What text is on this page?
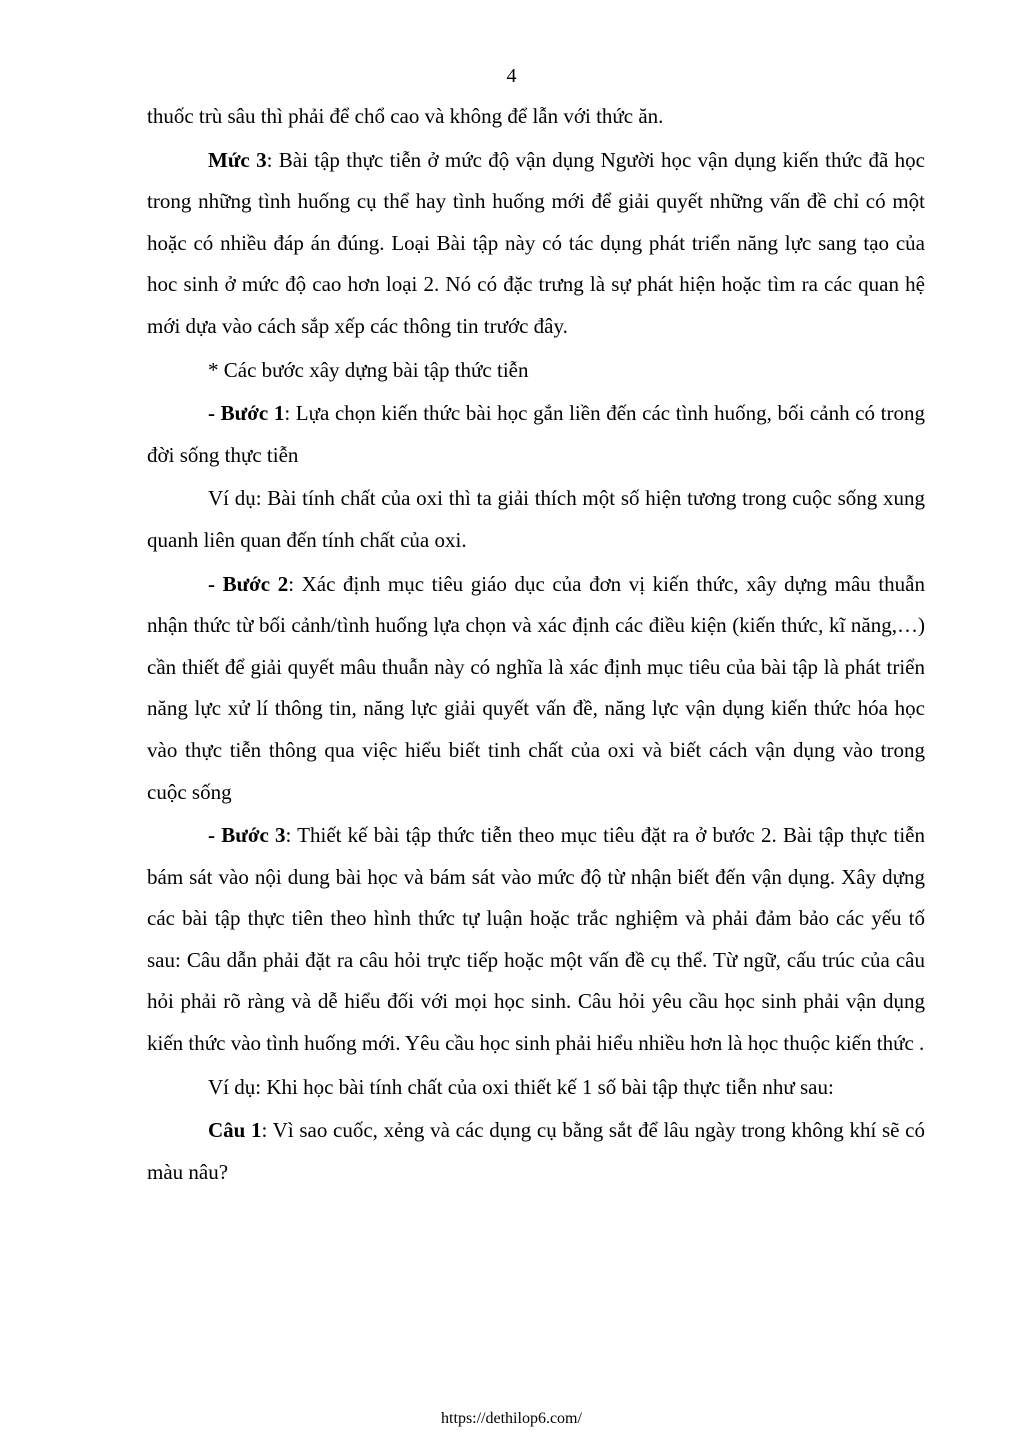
4

thuốc trù sâu thì phải để chổ cao và không để lẫn với thức ăn.

Mức 3: Bài tập thực tiễn ở mức độ vận dụng Người học vận dụng kiến thức đã học trong những tình huống cụ thể hay tình huống mới để giải quyết những vấn đề chỉ có một hoặc có nhiều đáp án đúng. Loại Bài tập này có tác dụng phát triển năng lực sang tạo của hoc sinh ở mức độ cao hơn loại 2. Nó có đặc trưng là sự phát hiện hoặc tìm ra các quan hệ mới dựa vào cách sắp xếp các thông tin trước đây.

* Các bước xây dựng bài tập thức tiễn

- Bước 1: Lựa chọn kiến thức bài học gắn liền đến các tình huống, bối cảnh có trong đời sống thực tiễn

Ví dụ: Bài tính chất của oxi thì ta giải thích một số hiện tương trong cuộc sống xung quanh liên quan đến tính chất của oxi.

- Bước 2: Xác định mục tiêu giáo dục của đơn vị kiến thức, xây dựng mâu thuẫn nhận thức từ bối cảnh/tình huống lựa chọn và xác định các điều kiện (kiến thức, kĩ năng,…) cần thiết để giải quyết mâu thuẫn này có nghĩa là xác định mục tiêu của bài tập là phát triển năng lực xử lí thông tin, năng lực giải quyết vấn đề, năng lực vận dụng kiến thức hóa học vào thực tiễn thông qua việc hiểu biết tinh chất của oxi và biết cách vận dụng vào trong cuộc sống

- Bước 3: Thiết kế bài tập thức tiễn theo mục tiêu đặt ra ở bước 2. Bài tập thực tiễn bám sát vào nội dung bài học và bám sát vào mức độ từ nhận biết đến vận dụng. Xây dựng các bài tập thực tiên theo hình thức tự luận hoặc trắc nghiệm và phải đảm bảo các yếu tố sau: Câu dẫn phải đặt ra câu hỏi trực tiếp hoặc một vấn đề cụ thể. Từ ngữ, cấu trúc của câu hỏi phải rõ ràng và dễ hiểu đối với mọi học sinh. Câu hỏi yêu cầu học sinh phải vận dụng kiến thức vào tình huống mới. Yêu cầu học sinh phải hiểu nhiều hơn là học thuộc kiến thức .

Ví dụ: Khi học bài tính chất của oxi thiết kế 1 số bài tập thực tiễn như sau:

Câu 1: Vì sao cuốc, xẻng và các dụng cụ bằng sắt để lâu ngày trong không khí sẽ có màu nâu?

https://dethilop6.com/
